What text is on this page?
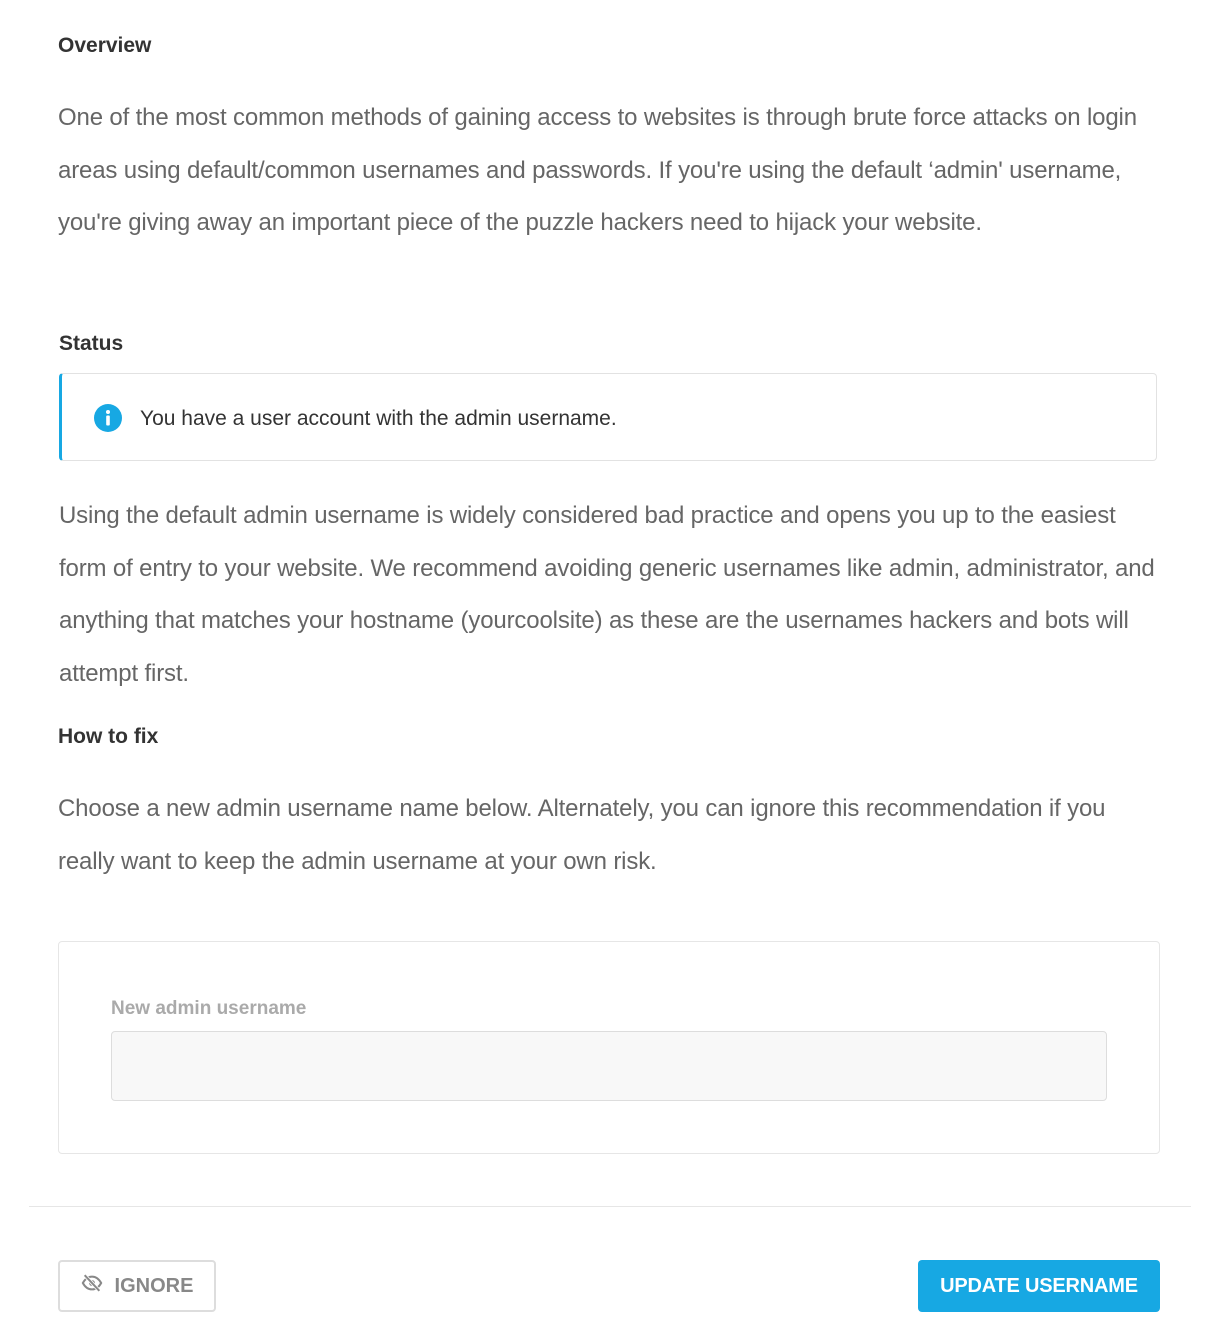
Overview

One of the most common methods of gaining access to websites is through brute force attacks on login areas using default/common usernames and passwords. If you're using the default ‘admin' username, you're giving away an important piece of the puzzle hackers need to hijack your website.

Status
You have a user account with the admin username.

Using the default admin username is widely considered bad practice and opens you up to the easiest form of entry to your website. We recommend avoiding generic usernames like admin, administrator, and anything that matches your hostname (yourcoolsite) as these are the usernames hackers and bots will attempt first.

How to fix

Choose a new admin username name below. Alternately, you can ignore this recommendation if you really want to keep the admin username at your own risk.

New admin username
IGNORE	UPDATE USERNAME
